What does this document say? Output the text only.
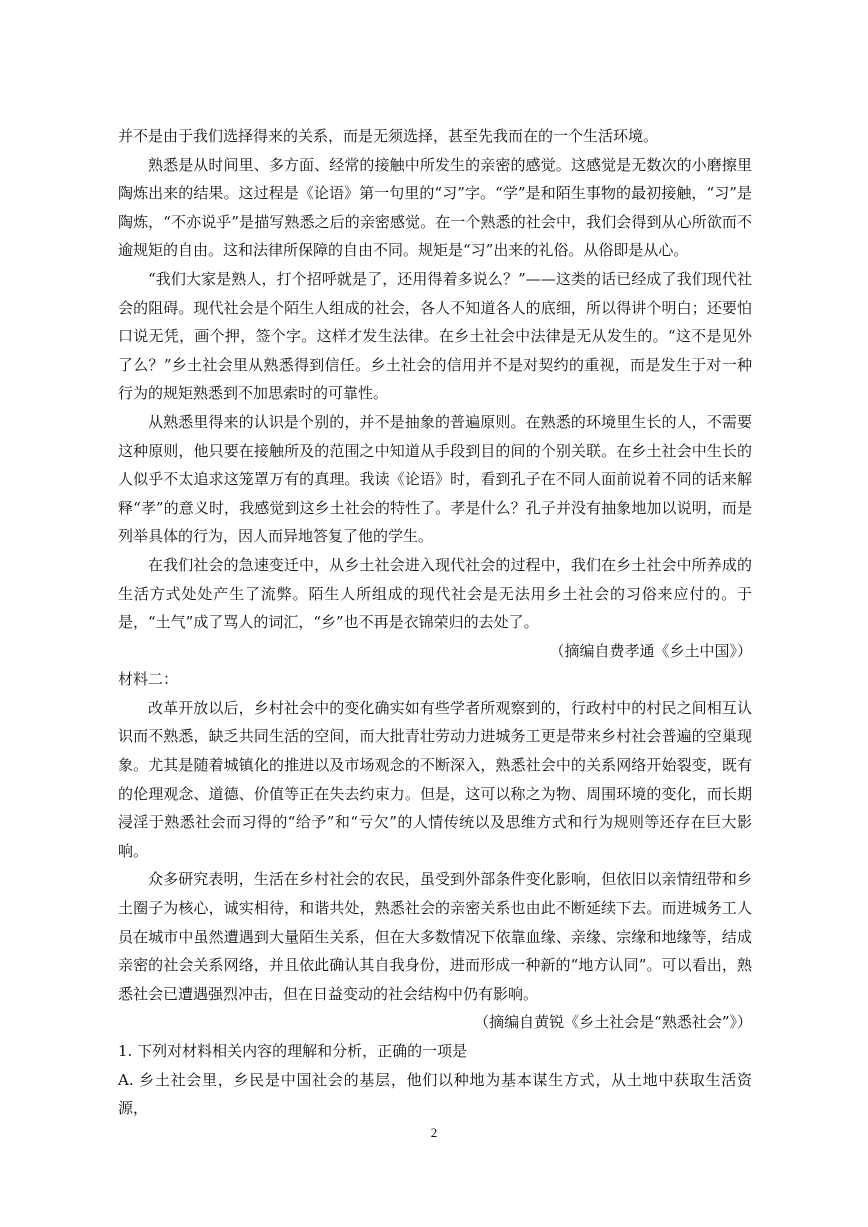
并不是由于我们选择得来的关系，而是无须选择，甚至先我而在的一个生活环境。

熟悉是从时间里、多方面、经常的接触中所发生的亲密的感觉。这感觉是无数次的小磨擦里陶炼出来的结果。这过程是《论语》第一句里的“习”字。“学”是和陌生事物的最初接触，“习”是陶炼，“不亦说乎”是描写熟悉之后的亲密感觉。在一个熟悉的社会中，我们会得到从心所欲而不逾规矩的自由。这和法律所保障的自由不同。规矩是“习”出来的礼俗。从俗即是从心。

“我们大家是熟人，打个招呼就是了，还用得着多说么？”——这类的话已经成了我们现代社会的阻碍。现代社会是个陌生人组成的社会，各人不知道各人的底细，所以得讲个明白；还要怕口说无凭，画个押，签个字。这样才发生法律。在乡土社会中法律是无从发生的。“这不是见外了么？”乡土社会里从熟悉得到信任。乡土社会的信用并不是对契约的重视，而是发生于对一种行为的规矩熟悉到不加思索时的可靠性。

从熟悉里得来的认识是个别的，并不是抽象的普遍原则。在熟悉的环境里生长的人，不需要这种原则，他只要在接触所及的范围之中知道从手段到目的间的个别关联。在乡土社会中生长的人似乎不太追求这笼罩万有的真理。我读《论语》时，看到孔子在不同人面前说着不同的话来解释“孝”的意义时，我感觉到这乡土社会的特性了。孝是什么？孔子并没有抽象地加以说明，而是列举具体的行为，因人而异地答复了他的学生。

在我们社会的急速变迁中，从乡土社会进入现代社会的过程中，我们在乡土社会中所养成的生活方式处处产生了流弊。陌生人所组成的现代社会是无法用乡土社会的习俗来应付的。于是，“土气”成了骂人的词汇，“乡”也不再是衣锦荣归的去处了。

（摘编自费孝通《乡土中国》）

材料二：

改革开放以后，乡村社会中的变化确实如有些学者所观察到的，行政村中的村民之间相互认识而不熟悉，缺乏共同生活的空间，而大批青壮劳动力进城务工更是带来乡村社会普遍的空巢现象。尤其是随着城镇化的推进以及市场观念的不断深入，熟悉社会中的关系网络开始裂变，既有的伦理观念、道德、价值等正在失去约束力。但是，这可以称之为物、周围环境的变化，而长期浸淫于熟悉社会而习得的“给予”和“亏欠”的人情传统以及思维方式和行为规则等还存在巨大影响。

众多研究表明，生活在乡村社会的农民，虽受到外部条件变化影响，但依旧以亲情纽带和乡土圈子为核心，诚实相待，和谐共处，熟悉社会的亲密关系也由此不断延续下去。而进城务工人员在城市中虽然遭遇到大量陌生关系，但在大多数情况下依靠血缘、亲缘、宗缘和地缘等，结成亲密的社会关系网络，并且依此确认其自我身份，进而形成一种新的“地方认同”。可以看出，熟悉社会已遭遇强烈冲击，但在日益变动的社会结构中仍有影响。

（摘编自黄锐《乡土社会是“熟悉社会”》）

1. 下列对材料相关内容的理解和分析，正确的一项是

A. 乡土社会里，乡民是中国社会的基层，他们以种地为基本谋生方式，从土地中获取生活资源，

2
